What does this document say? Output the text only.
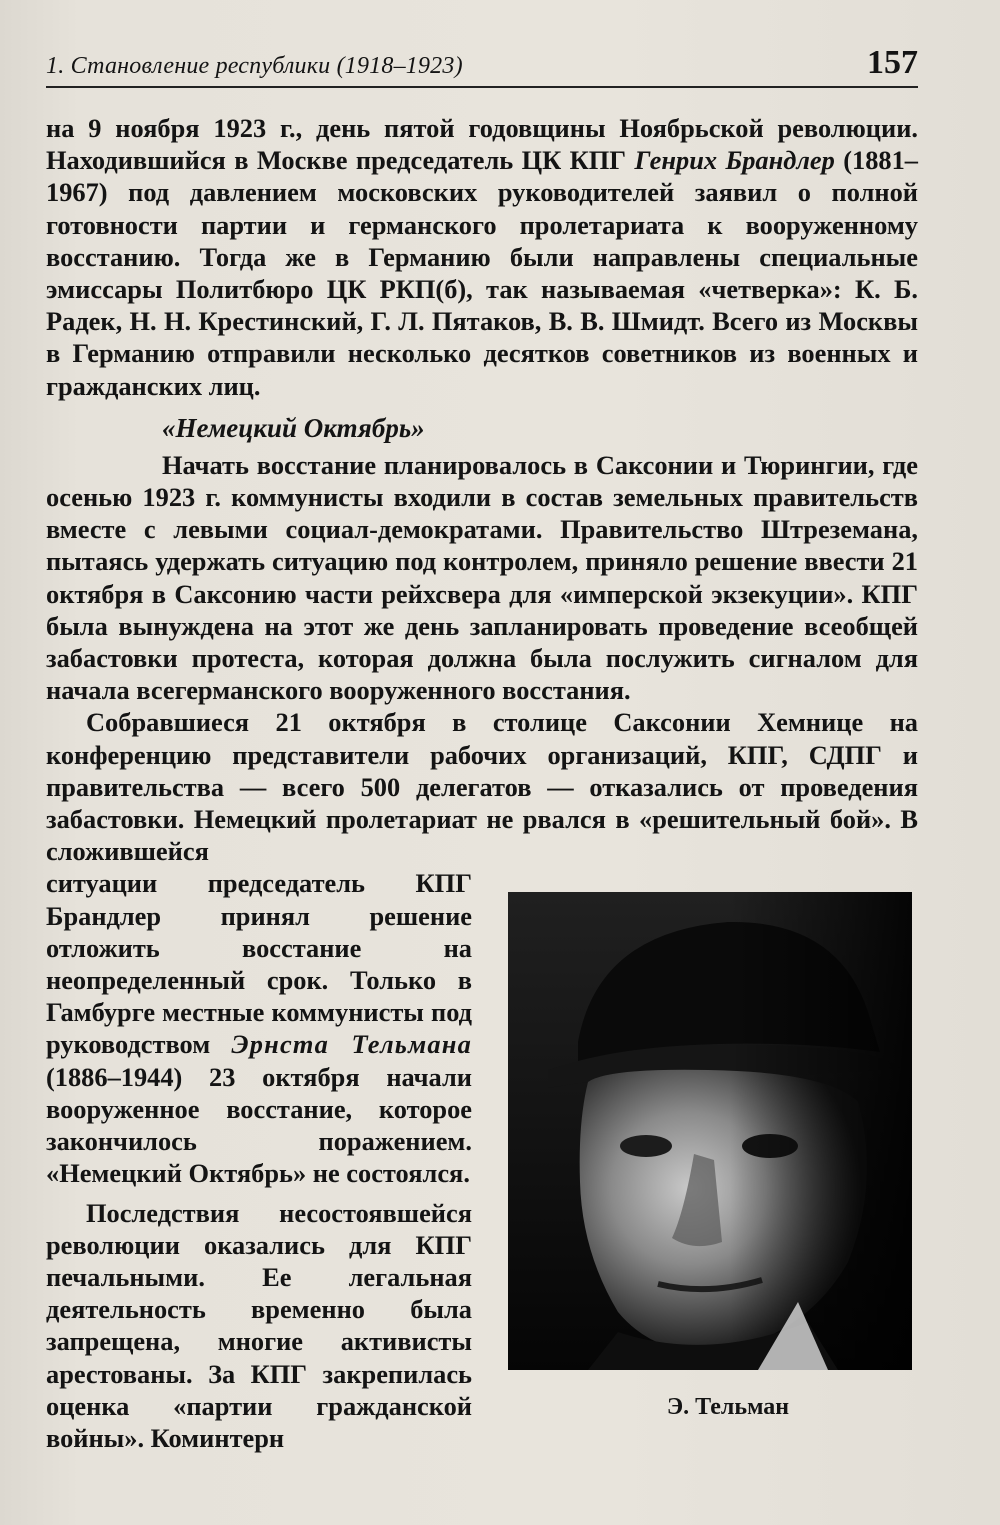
1. Становление республики (1918–1923)	157

на 9 ноября 1923 г., день пятой годовщины Ноябрьской революции. Находившийся в Москве председатель ЦК КПГ Генрих Брандлер (1881–1967) под давлением московских руководителей заявил о полной готовности партии и германского пролетариата к вооруженному восстанию. Тогда же в Германию были направлены специальные эмиссары Политбюро ЦК РКП(б), так называемая «четверка»: К. Б. Радек, Н. Н. Крестинский, Г. Л. Пятаков, В. В. Шмидт. Всего из Москвы в Германию отправили несколько десятков советников из военных и гражданских лиц.

«Немецкий Октябрь»

Начать восстание планировалось в Саксонии и Тюрингии, где осенью 1923 г. коммунисты входили в состав земельных правительств вместе с левыми социал-демократами. Правительство Штреземана, пытаясь удержать ситуацию под контролем, приняло решение ввести 21 октября в Саксонию части рейхсвера для «имперской экзекуции». КПГ была вынуждена на этот же день запланировать проведение всеобщей забастовки протеста, которая должна была послужить сигналом для начала всегерманского вооруженного восстания.

Собравшиеся 21 октября в столице Саксонии Хемнице на конференцию представители рабочих организаций, КПГ, СДПГ и правительства — всего 500 делегатов — отказались от проведения забастовки. Немецкий пролетариат не рвался в «решительный бой». В сложившейся

ситуации председатель КПГ Брандлер принял решение отложить восстание на неопределенный срок. Только в Гамбурге местные коммунисты под руководством Эрнста Тельмана (1886–1944) 23 октября начали вооруженное восстание, которое закончилось поражением. «Немецкий Октябрь» не состоялся.

Последствия несостоявшейся революции оказались для КПГ печальными. Ее легальная деятельность временно была запрещена, многие активисты арестованы. За КПГ закрепилась оценка «партии гражданской войны». Коминтерн

Э. Тельман
